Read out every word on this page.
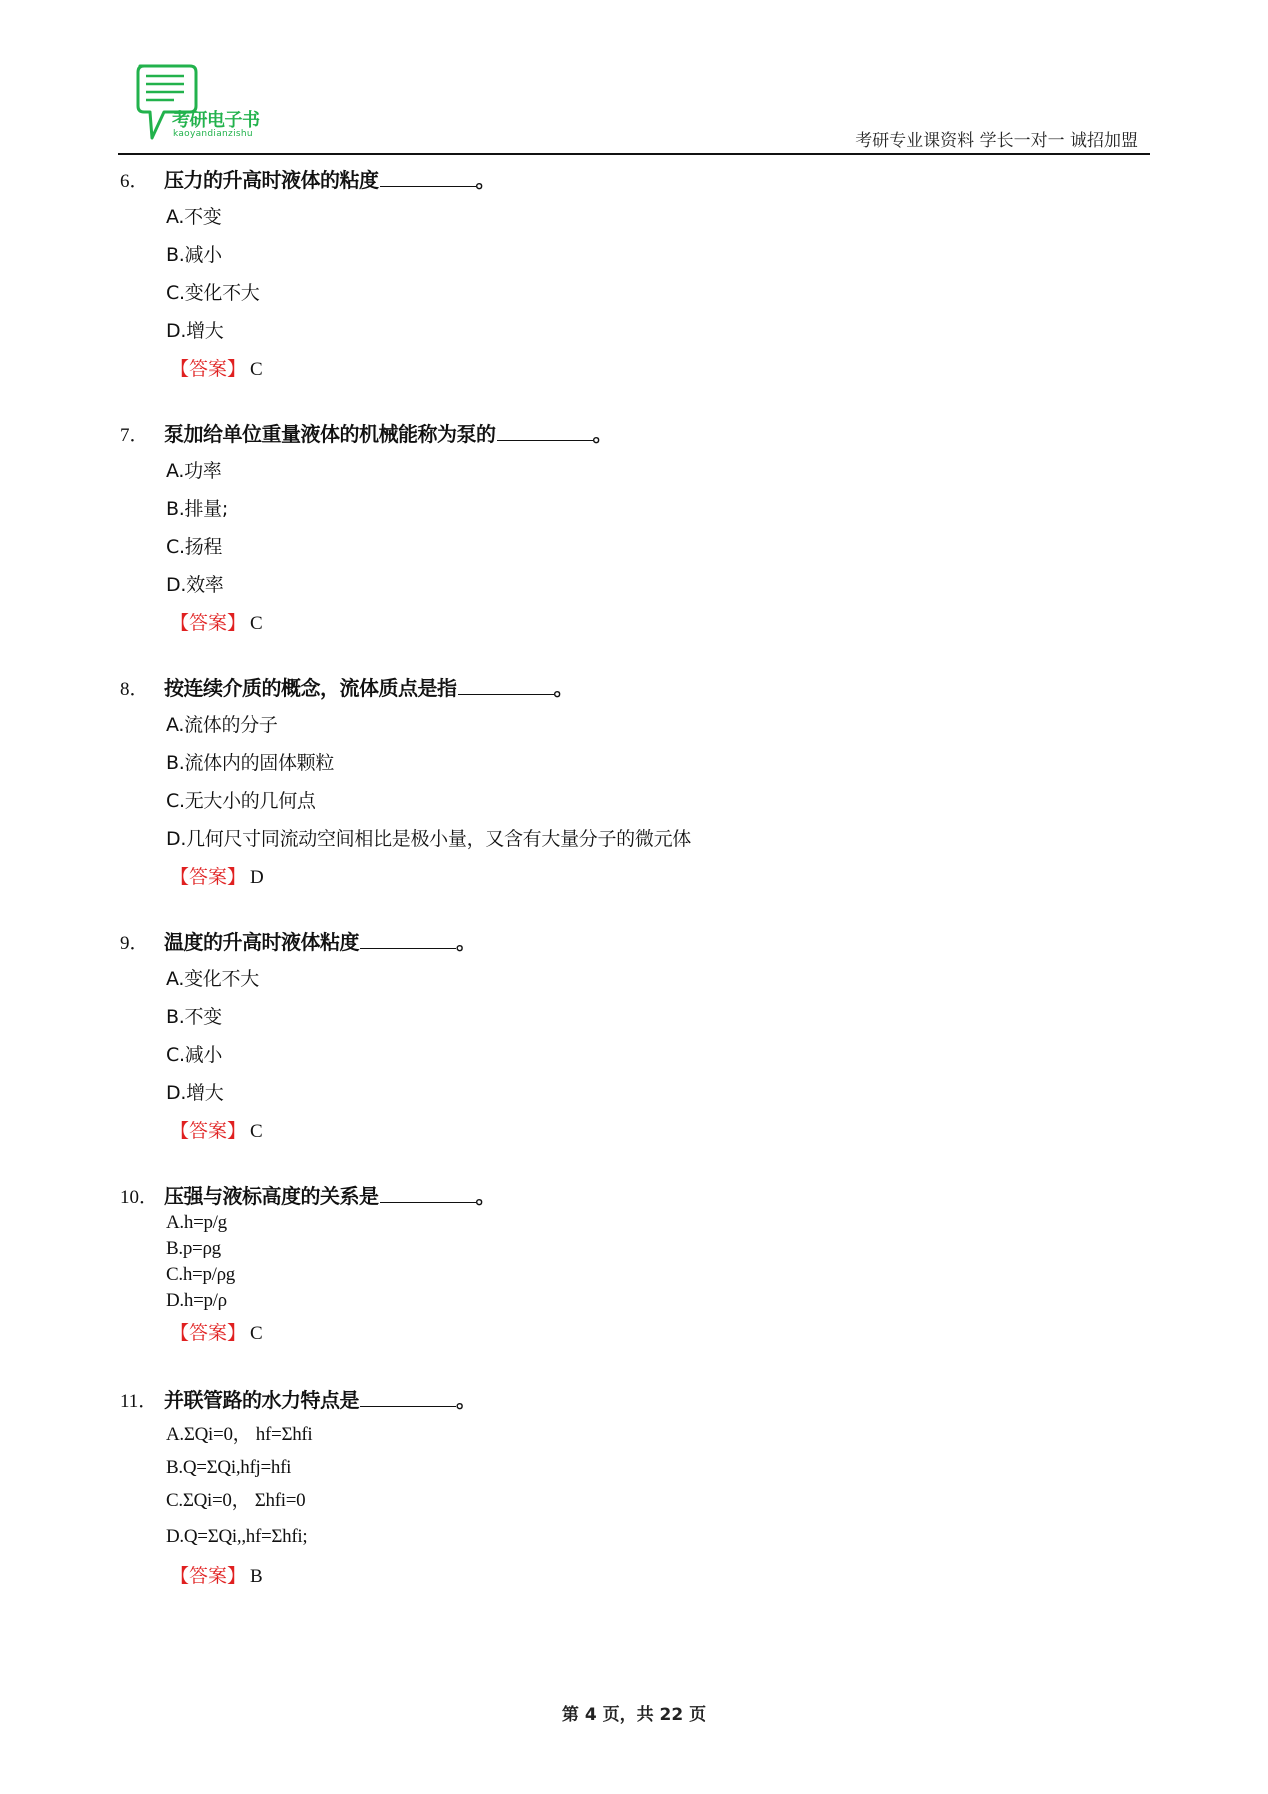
考研电子书
kaoyandianzishu	考研专业课资料 学长一对一 诚招加盟
6． 压力的升高时液体的粘度	。
A.不变
B.减小
C.变化不大
D.增大
【答案】 C
7． 泵加给单位重量液体的机械能称为泵的	。
A.功率
B.排量;
C.扬程
D.效率
【答案】 C
8． 按连续介质的概念，流体质点是指	。
A.流体的分子
B.流体内的固体颗粒
C.无大小的几何点
D.几何尺寸同流动空间相比是极小量，又含有大量分子的微元体
【答案】 D
9． 温度的升高时液体粘度	。
A.变化不大
B.不变
C.减小
D.增大
【答案】 C
10． 压强与液标高度的关系是	。
A.h=p/g
B.p=ρg
C.h=p/ρg
D.h=p/ρ
【答案】 C
11． 并联管路的水力特点是	。
A.ΣQi=0， hf=Σhfi
B.Q=ΣQi,hfj=hfi
C.ΣQi=0， Σhfi=0
D.Q=ΣQi,,hf=Σhfi;
【答案】 B
第 4 页，共 22 页
